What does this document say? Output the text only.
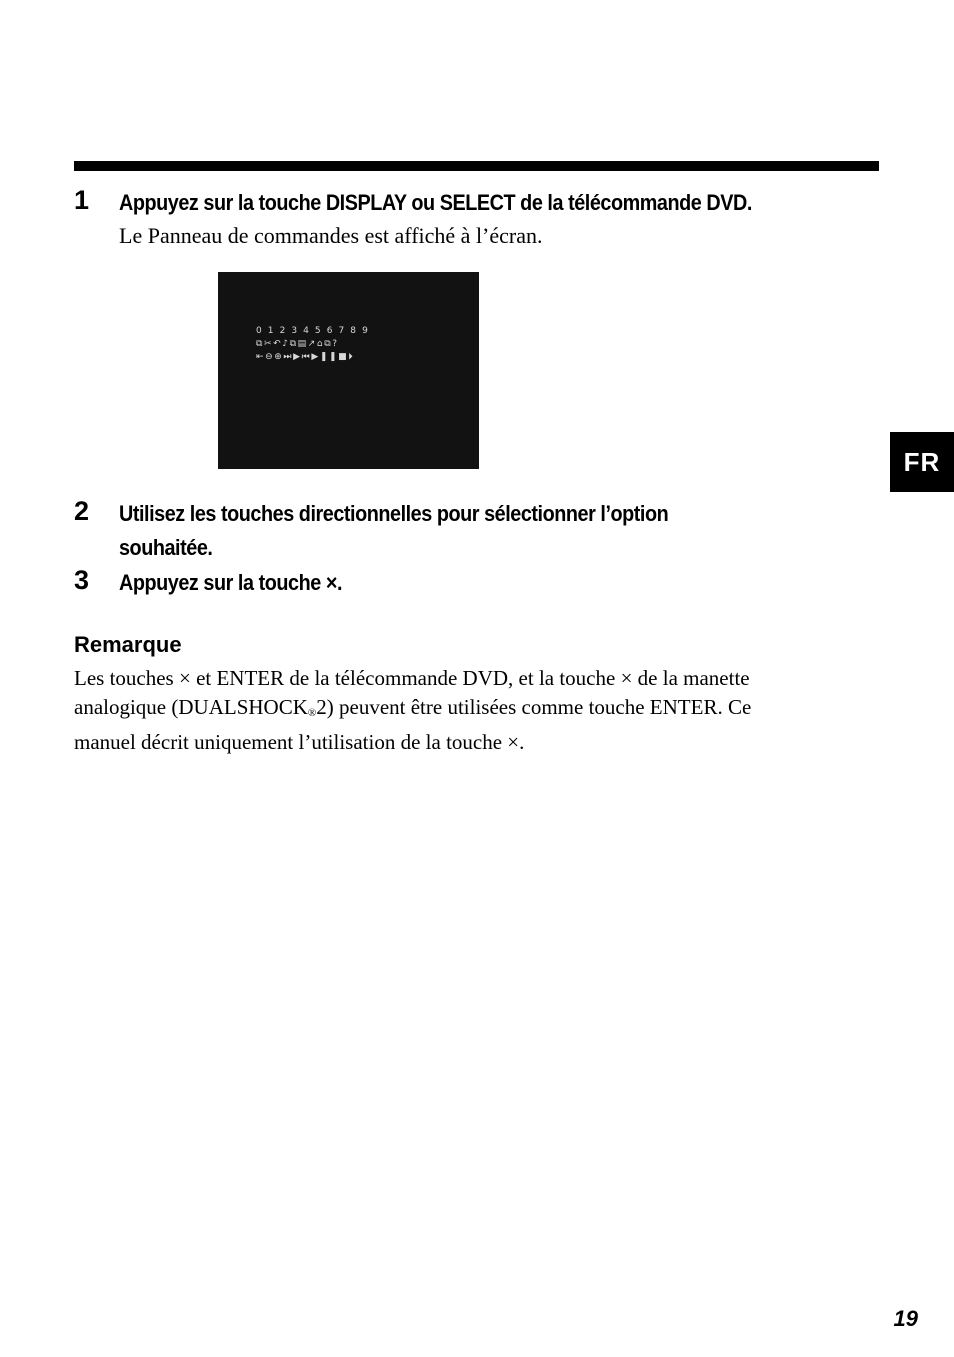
1 Appuyez sur la touche DISPLAY ou SELECT de la télécommande DVD.
Le Panneau de commandes est affiché à l’écran.
0 1 2 3 4 5 6 7 8 9
⧉✂↶♪⧉▤↗⌂⧉?
⇤⊖⊕⏭▶⏮▶❚❚■⏵
2 Utilisez les touches directionnelles pour sélectionner l’option
souhaitée.
3 Appuyez sur la touche ×.
Remarque
Les touches × et ENTER de la télécommande DVD, et la touche × de la manette
analogique (DUALSHOCK®2) peuvent être utilisées comme touche ENTER. Ce
manuel décrit uniquement l’utilisation de la touche ×.
FR
19
